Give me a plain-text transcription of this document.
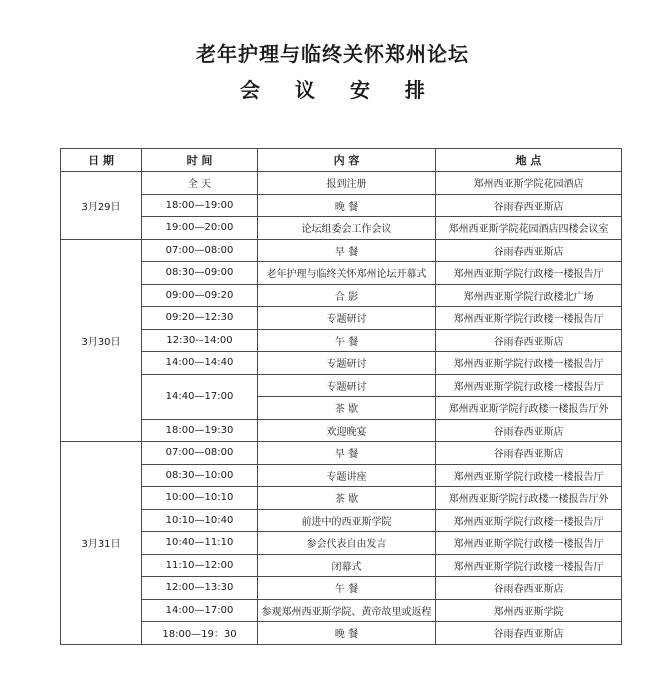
老年护理与临终关怀郑州论坛
会 议 安 排
日 期	时 间	内 容	地 点
3月29日	全 天	报到注册	郑州西亚斯学院花园酒店
	18:00—19:00	晚 餐	谷雨春西亚斯店
	19:00—20:00	论坛组委会工作会议	郑州西亚斯学院花园酒店四楼会议室
3月30日	07:00—08:00	早 餐	谷雨春西亚斯店
	08:30—09:00	老年护理与临终关怀郑州论坛开幕式	郑州西亚斯学院行政楼一楼报告厅
	09:00—09:20	合 影	郑州西亚斯学院行政楼北广场
	09:20—12:30	专题研讨	郑州西亚斯学院行政楼一楼报告厅
	12:30-–14:00	午 餐	谷雨春西亚斯店
	14:00—14:40	专题研讨	郑州西亚斯学院行政楼一楼报告厅
	14:40—17:00	专题研讨	郑州西亚斯学院行政楼一楼报告厅
		茶 歇	郑州西亚斯学院行政楼一楼报告厅外
	18:00—19:30	欢迎晚宴	谷雨春西亚斯店
3月31日	07:00—08:00	早 餐	谷雨春西亚斯店
	08:30—10:00	专题讲座	郑州西亚斯学院行政楼一楼报告厅
	10:00—10:10	茶 歇	郑州西亚斯学院行政楼一楼报告厅外
	10:10—10:40	前进中的西亚斯学院	郑州西亚斯学院行政楼一楼报告厅
	10:40—11:10	参会代表自由发言	郑州西亚斯学院行政楼一楼报告厅
	11:10—12:00	闭幕式	郑州西亚斯学院行政楼一楼报告厅
	12:00—13:30	午 餐	谷雨春西亚斯店
	14:00—17:00	参观郑州西亚斯学院、黄帝故里或返程	郑州西亚斯学院
	18:00—19：30	晚 餐	谷雨春西亚斯店
